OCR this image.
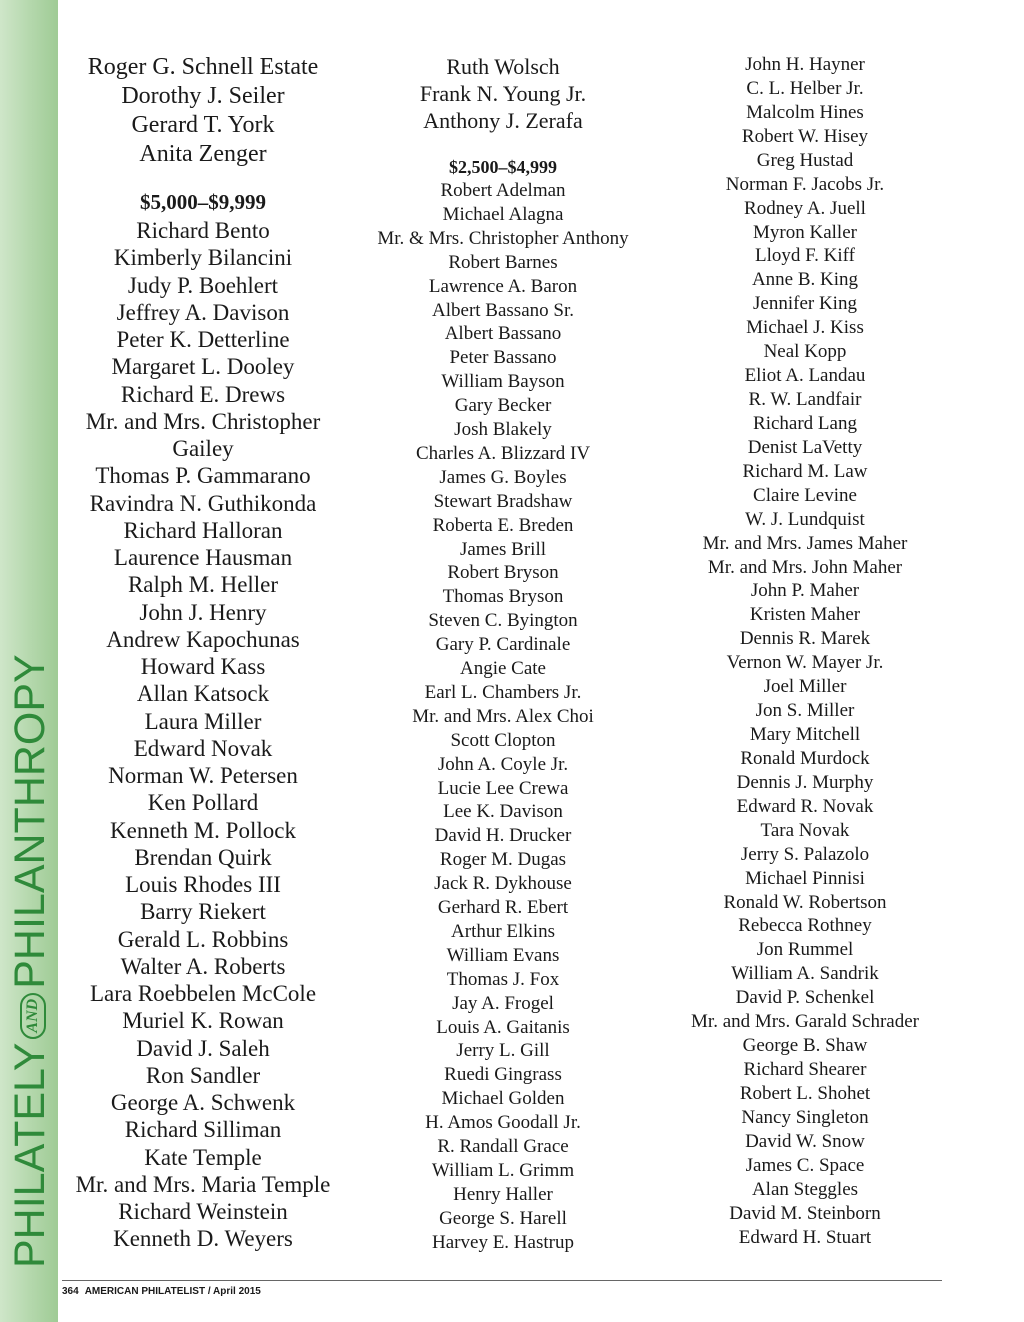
PHILATELYANDPHILANTHROPY
Roger G. Schnell Estate
Dorothy J. Seiler
Gerard T. York
Anita Zenger
$5,000–$9,999
Richard Bento
Kimberly Bilancini
Judy P. Boehlert
Jeffrey A. Davison
Peter K. Detterline
Margaret L. Dooley
Richard E. Drews
Mr. and Mrs. Christopher
Gailey
Thomas P. Gammarano
Ravindra N. Guthikonda
Richard Halloran
Laurence Hausman
Ralph M. Heller
John J. Henry
Andrew Kapochunas
Howard Kass
Allan Katsock
Laura Miller
Edward Novak
Norman W. Petersen
Ken Pollard
Kenneth M. Pollock
Brendan Quirk
Louis Rhodes III
Barry Riekert
Gerald L. Robbins
Walter A. Roberts
Lara Roebbelen McCole
Muriel K. Rowan
David J. Saleh
Ron Sandler
George A. Schwenk
Richard Silliman
Kate Temple
Mr. and Mrs. Maria Temple
Richard Weinstein
Kenneth D. Weyers
Ruth Wolsch
Frank N. Young Jr.
Anthony J. Zerafa
$2,500–$4,999
Robert Adelman
Michael Alagna
Mr. & Mrs. Christopher Anthony
Robert Barnes
Lawrence A. Baron
Albert Bassano Sr.
Albert Bassano
Peter Bassano
William Bayson
Gary Becker
Josh Blakely
Charles A. Blizzard IV
James G. Boyles
Stewart Bradshaw
Roberta E. Breden
James Brill
Robert Bryson
Thomas Bryson
Steven C. Byington
Gary P. Cardinale
Angie Cate
Earl L. Chambers Jr.
Mr. and Mrs. Alex Choi
Scott Clopton
John A. Coyle Jr.
Lucie Lee Crewa
Lee K. Davison
David H. Drucker
Roger M. Dugas
Jack R. Dykhouse
Gerhard R. Ebert
Arthur Elkins
William Evans
Thomas J. Fox
Jay A. Frogel
Louis A. Gaitanis
Jerry L. Gill
Ruedi Gingrass
Michael Golden
H. Amos Goodall Jr.
R. Randall Grace
William L. Grimm
Henry Haller
George S. Harell
Harvey E. Hastrup
John H. Hayner
C. L. Helber Jr.
Malcolm Hines
Robert W. Hisey
Greg Hustad
Norman F. Jacobs Jr.
Rodney A. Juell
Myron Kaller
Lloyd F. Kiff
Anne B. King
Jennifer King
Michael J. Kiss
Neal Kopp
Eliot A. Landau
R. W. Landfair
Richard Lang
Denist LaVetty
Richard M. Law
Claire Levine
W. J. Lundquist
Mr. and Mrs. James Maher
Mr. and Mrs. John Maher
John P. Maher
Kristen Maher
Dennis R. Marek
Vernon W. Mayer Jr.
Joel Miller
Jon S. Miller
Mary Mitchell
Ronald Murdock
Dennis J. Murphy
Edward R. Novak
Tara Novak
Jerry S. Palazolo
Michael Pinnisi
Ronald W. Robertson
Rebecca Rothney
Jon Rummel
William A. Sandrik
David P. Schenkel
Mr. and Mrs. Garald Schrader
George B. Shaw
Richard Shearer
Robert L. Shohet
Nancy Singleton
David W. Snow
James C. Space
Alan Steggles
David M. Steinborn
Edward H. Stuart
364 AMERICAN PHILATELIST / April 2015
